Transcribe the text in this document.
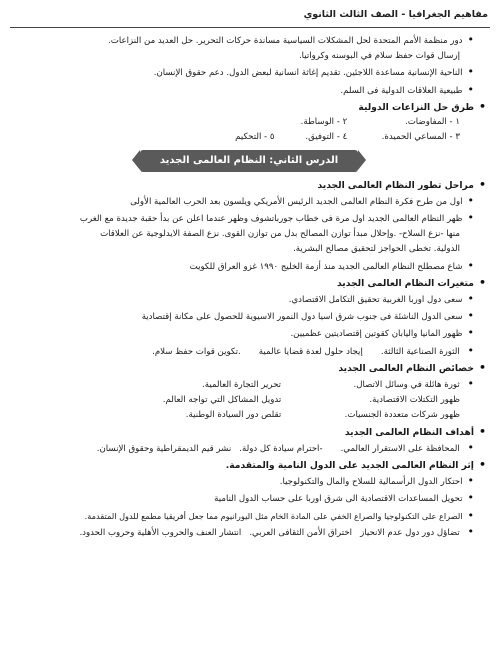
مفاهيم الجغرافيا - الصف الثالث الثانوي
• دور منظمة الأمم المتحدة لحل المشكلات السياسية مساندة حركات التحرير. حل العديد من النزاعات.
إرسال قوات حفظ سلام في البوسنه وكرواتيا.
• الناحية الإنسانية مساعدة اللاجئين. تقديم إغاثة انسانية لبعض الدول. دعم حقوق الإنسان.
• طبيعية العلاقات الدولية فى السلم.
• طرق حل النزاعات الدولية
١ - المفاوضات. ٢ - الوساطة.
٣ - المساعي الحميدة. ٤ - التوفيق. ٥ - التحكيم
الدرس الثاني: النظام العالمى الجديد
• مراحل تطور النظام العالمى الجديد
• اول من طرح فكرة النظام العالمى الجديد الرئيس الأمريكي ويلسون بعد الحرب العالمية الأولى
• ظهر النظام العالمى الجديد اول مرة فى خطاب جورباتشوف وظهر عندما اعلن عن بدأ حقبة جديدة مع الغرب
منها -نزع السلاح- .وإحلال مبدأ توازن المصالح بدل من توازن القوى. نزع الصفة الايدلوجية عن العلاقات
الدولية. تخطى الحواجز لتحقيق مصالح البشرية.
• شاع مصطلح النظام العالمى الجديد منذ أزمة الخليج ١٩٩٠ غزو العراق للكويت
• متغيرات النظام العالمى الجديد
• سعى دول اوربا الغربية تحقيق التكامل الاقتصادي.
• سعى الدول الناشئة فى جنوب شرق اسيا دول النمور الاسيوية للحصول على مكانة إقتصادية
• ظهور المانيا واليابان كقوتين إقتصاديتين عظميين.
• الثورة الصناعية الثالثة.إيجاد حلول لعدة قضايا عالمية.تكوين قوات حفظ سلام.
• خصائص النظام العالمى الجديد
• ثورة هائلة في وسائل الاتصال. تحرير التجارة العالمية.
ظهور التكتلات الاقتصادية. تدويل المشاكل التي تواجه العالم.
ظهور شركات متعددة الجنسيات. تقلص دور السيادة الوطنية.
• أهداف النظام العالمى الجديد
• المحافظة على الاستقرار العالمي.-احترام سيادة كل دولة.نشر قيم الديمقراطية وحقوق الإنسان.
• إثر النظام العالمى الجديد على الدول النامية والمتقدمة.
• احتكار الدول الرأسمالية للسلاح والمال والتكنولوجيا.
• تحويل المساعدات الاقتصادية الى شرق اوربا على حساب الدول النامية
• الصراع على التكنولوجيا والصراع الخفي على المادة الخام مثل اليورانيوم مما جعل أفريقيا مطمع للدول المتقدمة.
• تضاؤل دور دول عدم الانحيازاختراق الأمن الثقافى العربي.انتشار العنف والحروب الأهلية وحروب الحدود.
